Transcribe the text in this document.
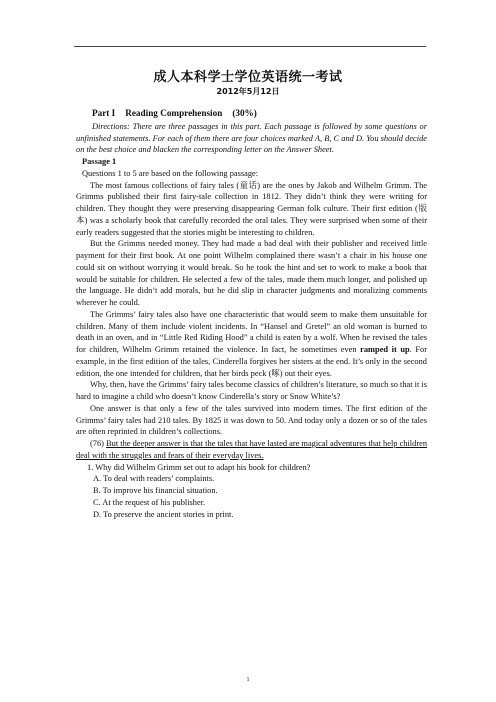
成人本科学士学位英语统一考试
2012年5月12日
Part I Reading Comprehension (30%)

Directions: There are three passages in this part. Each passage is followed by some questions or unfinished statements. For each of them there are four choices marked A, B, C and D. You should decide on the best choice and blacken the corresponding letter on the Answer Sheet.

Passage 1
Questions 1 to 5 are based on the following passage:

The most famous collections of fairy tales (童话) are the ones by Jakob and Wilhelm Grimm. The Grimms published their first fairy-tale collection in 1812. They didn’t think they were writing for children. They thought they were preserving disappearing German folk culture. Their first edition (版本) was a scholarly book that carefully recorded the oral tales. They were surprised when some of their early readers suggested that the stories might be interesting to children.

But the Grimms needed money. They had made a bad deal with their publisher and received little payment for their first book. At one point Wilhelm complained there wasn’t a chair in his house one could sit on without worrying it would break. So he took the hint and set to work to make a book that would be suitable for children. He selected a few of the tales, made them much longer, and polished up the language. He didn’t add morals, but he did slip in character judgments and moralizing comments wherever he could.

The Grimms’ fairy tales also have one characteristic that would seem to make them unsuitable for children. Many of them include violent incidents. In “Hansel and Gretel” an old woman is burned to death in an oven, and in “Little Red Riding Hood” a child is eaten by a wolf. When he revised the tales for children, Wilhelm Grimm retained the violence. In fact, he sometimes even ramped it up. For example, in the first edition of the tales, Cinderella forgives her sisters at the end. It’s only in the second edition, the one intended for children, that her birds peck (啄) out their eyes.

Why, then, have the Grimms’ fairy tales become classics of children’s literature, so much so that it is hard to imagine a child who doesn’t know Cinderella’s story or Snow White’s?

One answer is that only a few of the tales survived into modern times. The first edition of the Grimms’ fairy tales had 210 tales. By 1825 it was down to 50. And today only a dozen or so of the tales are often reprinted in children’s collections.

(76) But the deeper answer is that the tales that have lasted are magical adventures that help children deal with the struggles and fears of their everyday lives.

1. Why did Wilhelm Grimm set out to adapt his book for children?
A. To deal with readers’ complaints.
B. To improve his financial situation.
C. At the request of his publisher.
D. To preserve the ancient stories in print.
1
